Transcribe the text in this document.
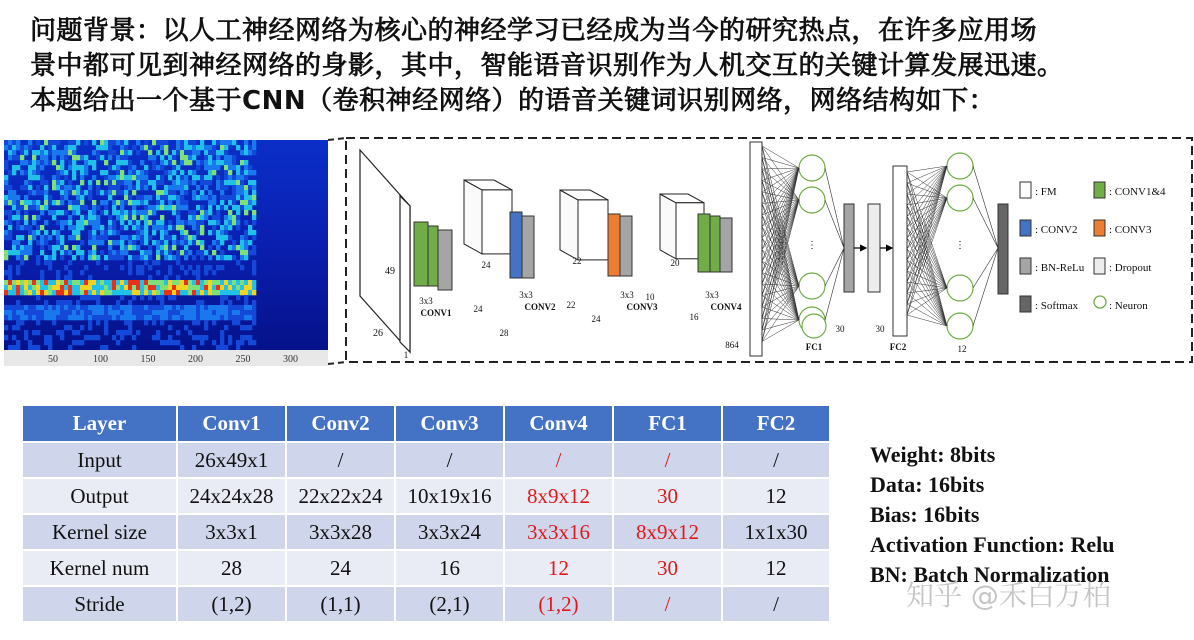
问题背景：以人工神经网络为核心的神经学习已经成为当今的研究热点，在许多应用场
景中都可见到神经网络的身影，其中，智能语音识别作为人机交互的关键计算发展迅速。
本题给出一个基于CNN（卷积神经网络）的语音关键词识别网络，网络结构如下：
50	100	150	200	250	300
49
26
1
3x3
CONV1
24
24
28
3x3
CONV2
22
22
24
3x3 10
CONV3
20
16
3x3
CONV4
864
⋮
30
FC1
30
FC2
⋮
12
: FM	: CONV1&4
: CONV2	: CONV3
: BN-ReLu : Dropout
: Softmax	: Neuron
Layer	Conv1	Conv2	Conv3	Conv4	FC1	FC2
Input	26x49x1	/	/	/	/	/
Output	24x24x28	22x22x24	10x19x16	8x9x12	30	12
Kernel size	3x3x1	3x3x28	3x3x24	3x3x16	8x9x12	1x1x30
Kernel num	28	24	16	12	30	12
Stride	(1,2)	(1,1)	(2,1)	(1,2)	/	/
Weight: 8bits
Data: 16bits
Bias: 16bits
Activation Function: Relu
BN: Batch Normalization
知乎 @禾白万柏
